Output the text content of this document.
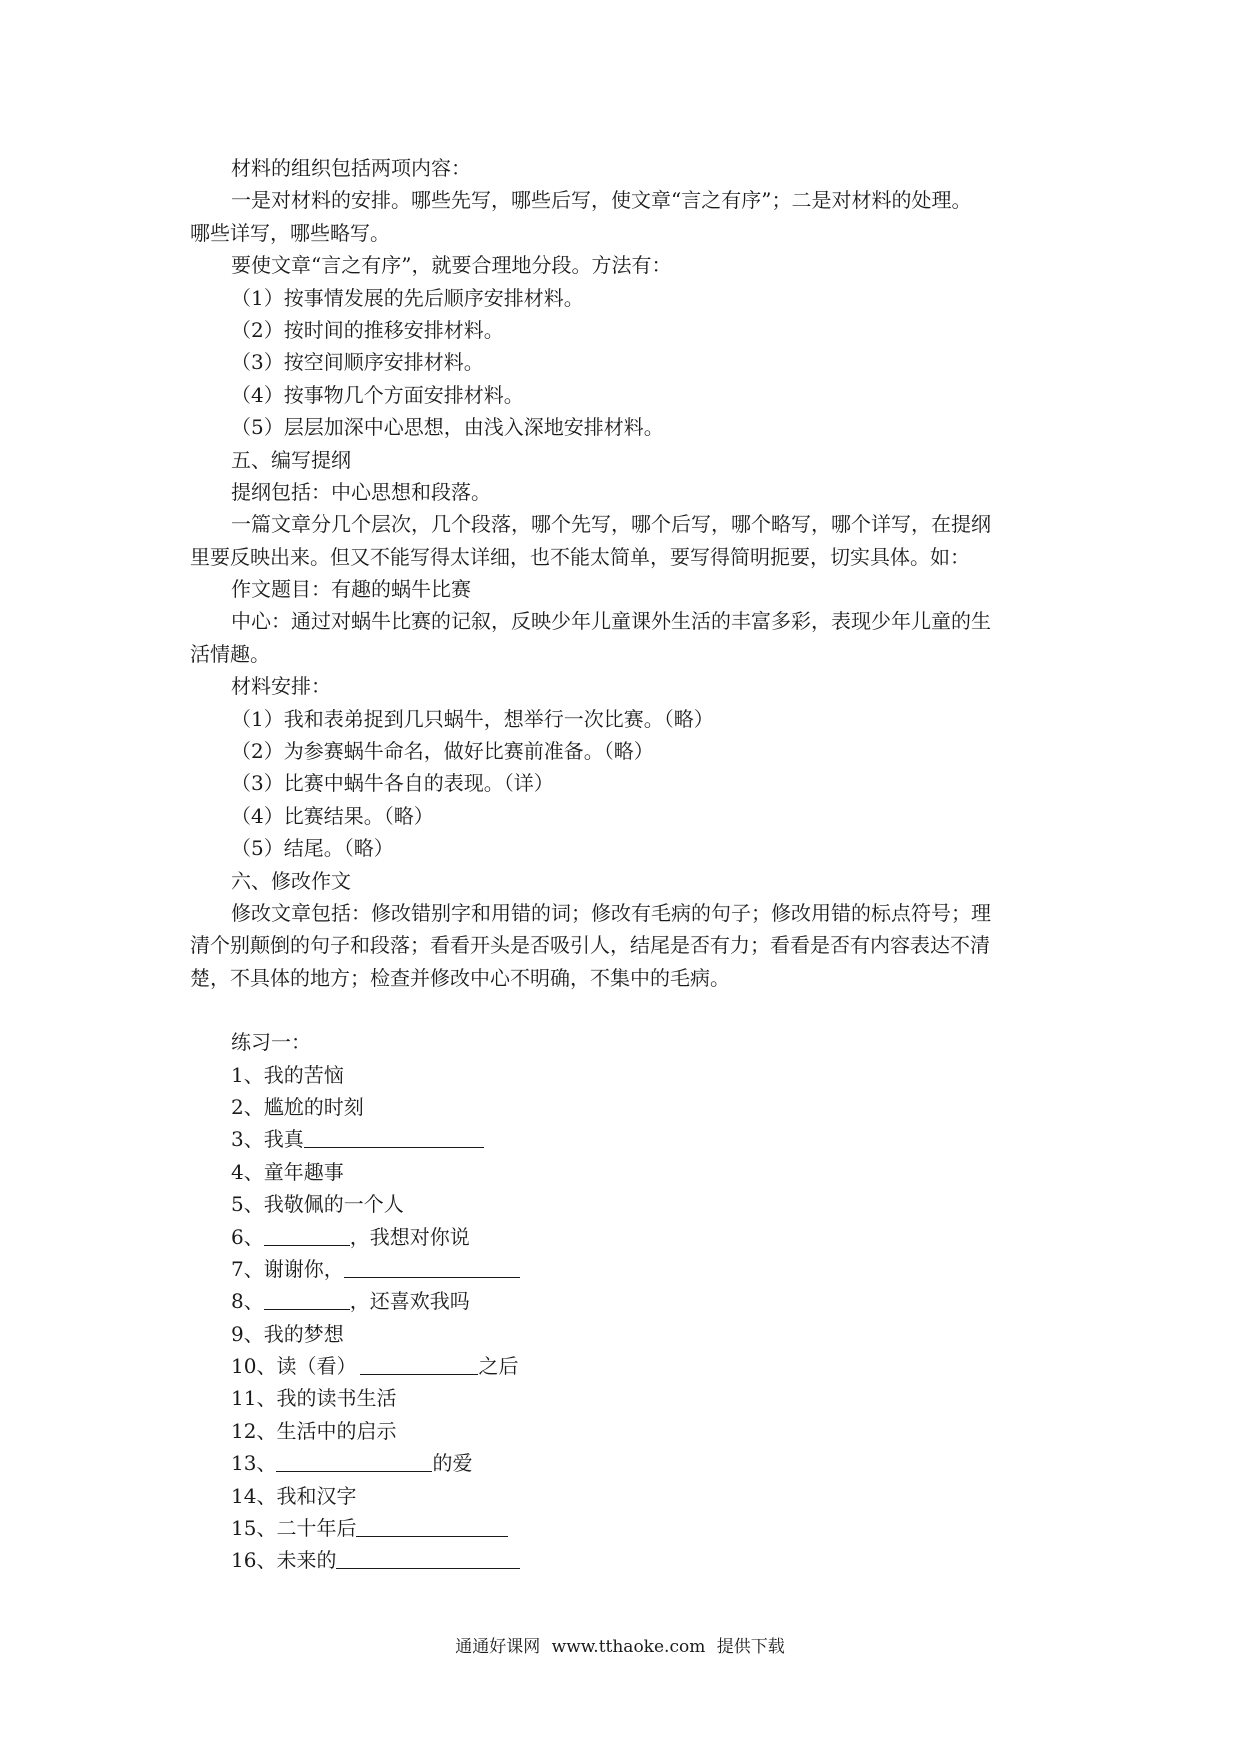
材料的组织包括两项内容：
一是对材料的安排。哪些先写，哪些后写，使文章“言之有序”；二是对材料的处理。
哪些详写，哪些略写。
要使文章“言之有序”，就要合理地分段。方法有：
（1）按事情发展的先后顺序安排材料。
（2）按时间的推移安排材料。
（3）按空间顺序安排材料。
（4）按事物几个方面安排材料。
（5）层层加深中心思想，由浅入深地安排材料。
五、编写提纲
提纲包括：中心思想和段落。
一篇文章分几个层次，几个段落，哪个先写，哪个后写，哪个略写，哪个详写，在提纲
里要反映出来。但又不能写得太详细，也不能太简单，要写得简明扼要，切实具体。如：
作文题目：有趣的蜗牛比赛
中心：通过对蜗牛比赛的记叙，反映少年儿童课外生活的丰富多彩，表现少年儿童的生
活情趣。
材料安排：
（1）我和表弟捉到几只蜗牛，想举行一次比赛。（略）
（2）为参赛蜗牛命名，做好比赛前准备。（略）
（3）比赛中蜗牛各自的表现。（详）
（4）比赛结果。（略）
（5）结尾。（略）
六、修改作文
修改文章包括：修改错别字和用错的词；修改有毛病的句子；修改用错的标点符号；理
清个别颠倒的句子和段落；看看开头是否吸引人，结尾是否有力；看看是否有内容表达不清
楚，不具体的地方；检查并修改中心不明确，不集中的毛病。
练习一：
1、我的苦恼
2、尴尬的时刻
3、我真
4、童年趣事
5、我敬佩的一个人
6、	，我想对你说
7、谢谢你，
8、	，还喜欢我吗
9、我的梦想
10、读（看）	之后
11、我的读书生活
12、生活中的启示
13、	的爱
14、我和汉字
15、二十年后
16、未来的
通通好课网 www.tthaoke.com 提供下载
